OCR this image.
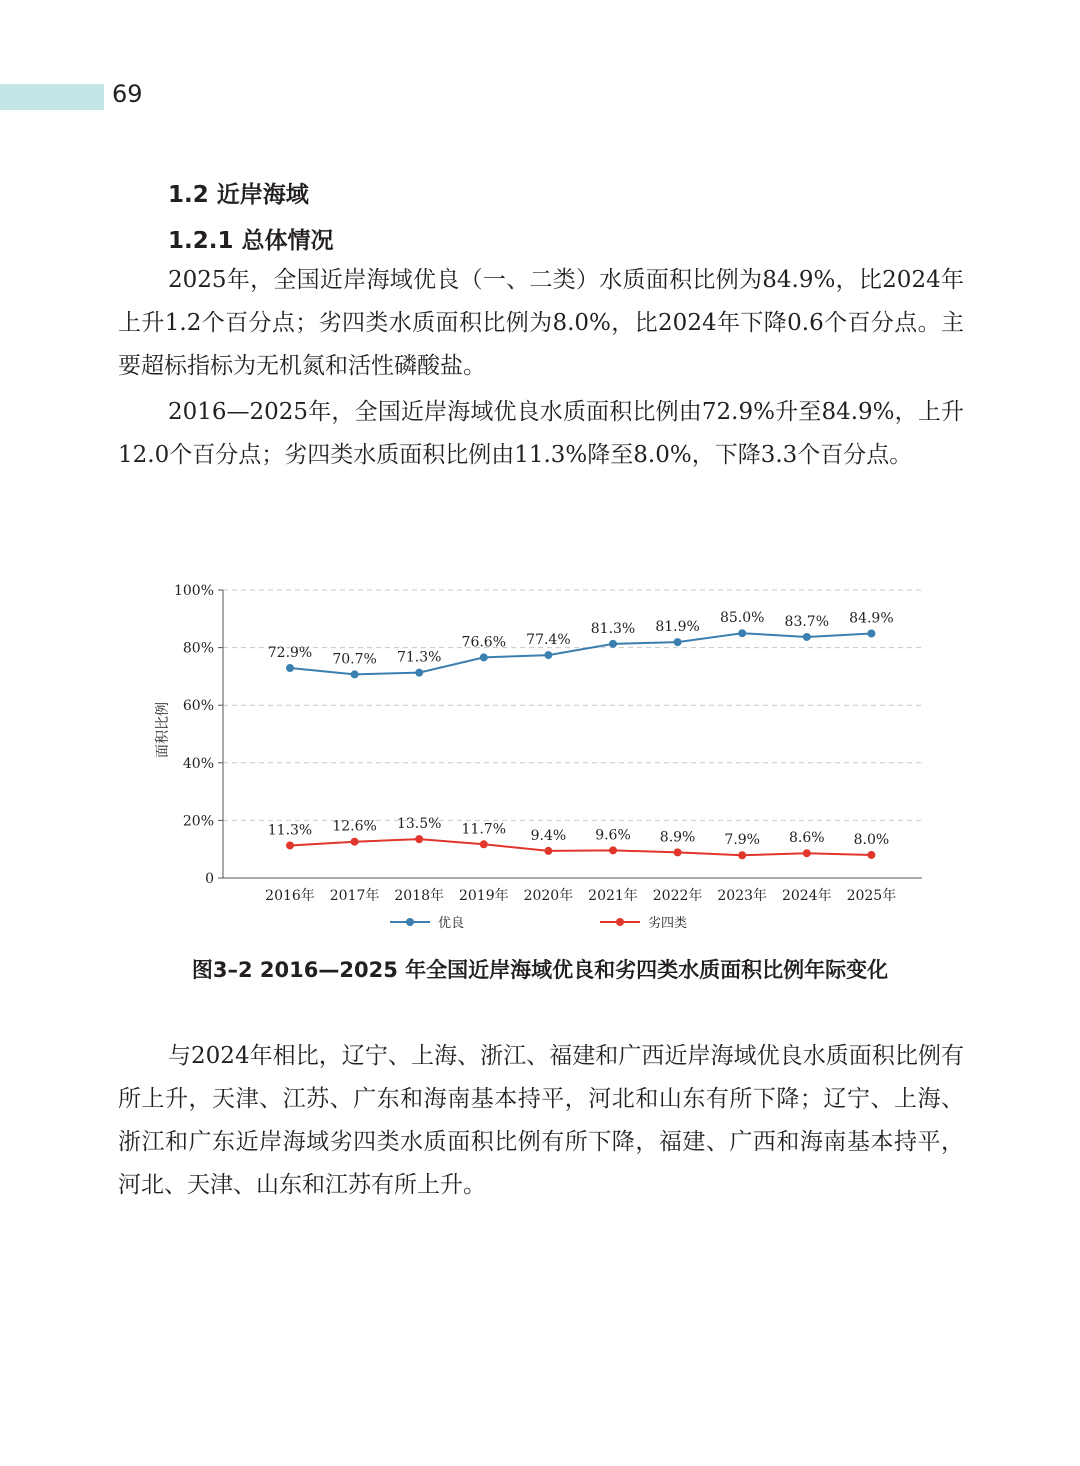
69
1.2 近岸海域
1.2.1 总体情况

2025年，全国近岸海域优良（一、二类）水质面积比例为84.9%，比2024年上升1.2个百分点；劣四类水质面积比例为8.0%，比2024年下降0.6个百分点。主要超标指标为无机氮和活性磷酸盐。

2016—2025年，全国近岸海域优良水质面积比例由72.9%升至84.9%，上升12.0个百分点；劣四类水质面积比例由11.3%降至8.0%，下降3.3个百分点。

0
20%
40%
60%
80%
100%
2016年 2017年 2018年 2019年 2020年 2021年 2022年 2023年 2024年 2025年
面积比例
72.9% 70.7% 71.3%
76.6% 77.4%
81.3% 81.9%
85.0% 83.7% 84.9%
11.3% 12.6% 13.5% 11.7% 9.4% 9.6% 8.9% 7.9% 8.6% 8.0%
优良	劣四类
图3–2 2016—2025 年全国近岸海域优良和劣四类水质面积比例年际变化

与2024年相比，辽宁、上海、浙江、福建和广西近岸海域优良水质面积比例有所上升，天津、江苏、广东和海南基本持平，河北和山东有所下降；辽宁、上海、浙江和广东近岸海域劣四类水质面积比例有所下降，福建、广西和海南基本持平，河北、天津、山东和江苏有所上升。
